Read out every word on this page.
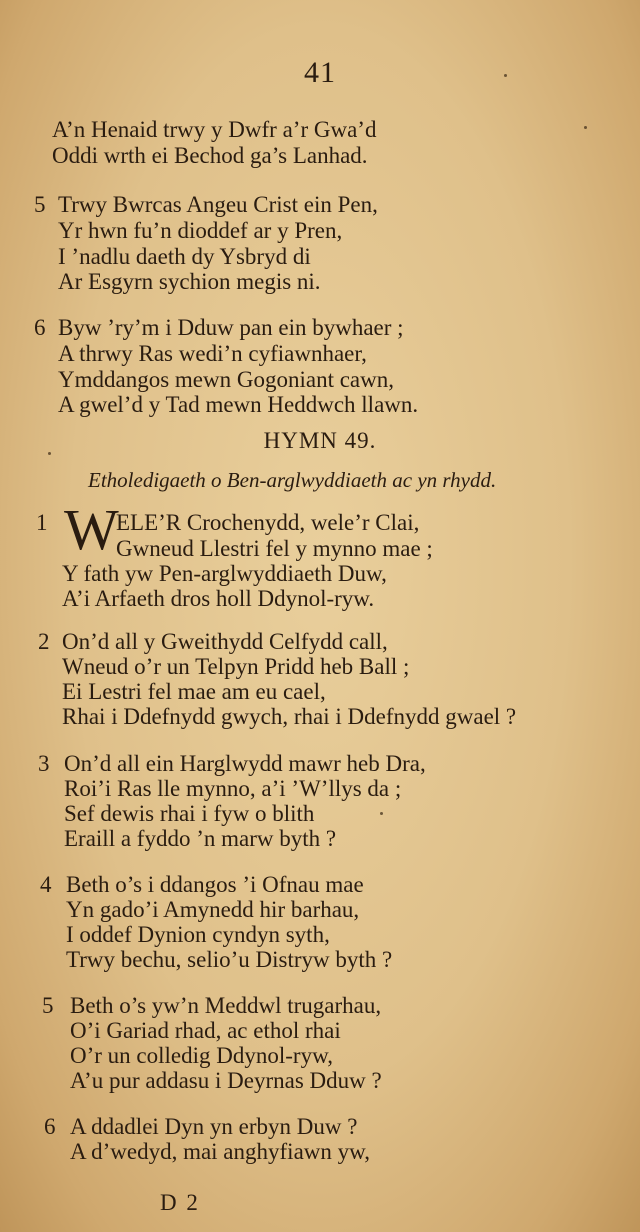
41
A’n Henaid trwy y Dwfr a’r Gwa’d
Oddi wrth ei Bechod ga’s Lanhad.
5 Trwy Bwrcas Angeu Crist ein Pen,
Yr hwn fu’n dioddef ar y Pren,
I ’nadlu daeth dy Ysbryd di
Ar Esgyrn sychion megis ni.
6 Byw ’ry’m i Dduw pan ein bywhaer ;
A thrwy Ras wedi’n cyfiawnhaer,
Ymddangos mewn Gogoniant cawn,
A gwel’d y Tad mewn Heddwch llawn.
HYMN 49.
Etholedigaeth o Ben-arglwyddiaeth ac yn rhydd.
1 W
ELE’R Crochenydd, wele’r Clai,
Gwneud Llestri fel y mynno mae ;
Y fath yw Pen-arglwyddiaeth Duw,
A’i Arfaeth dros holl Ddynol-ryw.
2 On’d all y Gweithydd Celfydd call,
Wneud o’r un Telpyn Pridd heb Ball ;
Ei Lestri fel mae am eu cael,
Rhai i Ddefnydd gwych, rhai i Ddefnydd gwael ?
3 On’d all ein Harglwydd mawr heb Dra,
Roi’i Ras lle mynno, a’i ’W’llys da ;
Sef dewis rhai i fyw o blith
Eraill a fyddo ’n marw byth ?
4 Beth o’s i ddangos ’i Ofnau mae
Yn gado’i Amynedd hir barhau,
I oddef Dynion cyndyn syth,
Trwy bechu, selio’u Distryw byth ?
5 Beth o’s yw’n Meddwl trugarhau,
O’i Gariad rhad, ac ethol rhai
O’r un colledig Ddynol-ryw,
A’u pur addasu i Deyrnas Dduw ?
6 A ddadlei Dyn yn erbyn Duw ?
A d’wedyd, mai anghyfiawn yw,
D 2
